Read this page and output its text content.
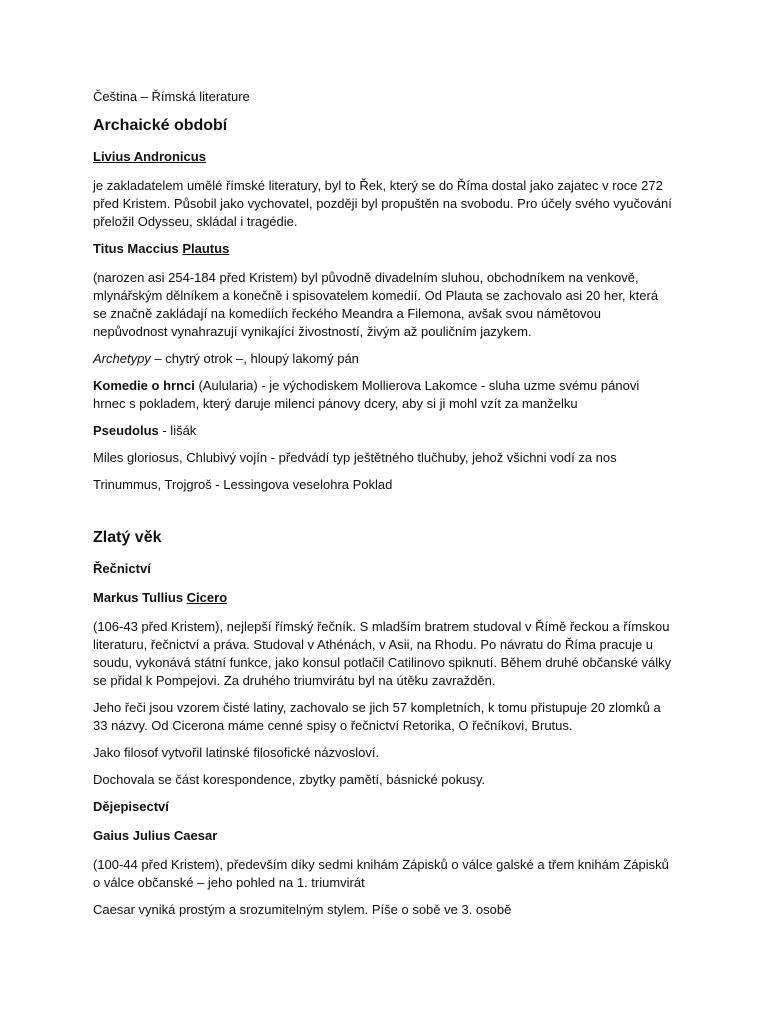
Čeština – Římská literature
Archaické období
Livius Andronicus

je zakladatelem umělé římské literatury, byl to Řek, který se do Říma dostal jako zajatec v roce 272 před Kristem. Působil jako vychovatel, později byl propuštěn na svobodu. Pro účely svého vyučování přeložil Odysseu, skládal i tragédie.

Titus Maccius Plautus

(narozen asi 254-184 před Kristem) byl původně divadelním sluhou, obchodníkem na venkově, mlynářským dělníkem a konečně i spisovatelem komedií. Od Plauta se zachovalo asi 20 her, která se značně zakládají na komediích řeckého Meandra a Filemona, avšak svou námětovou nepůvodnost vynahrazují vynikající živostností, živým až pouličním jazykem.

Archetypy – chytrý otrok –, hloupý lakomý pán

Komedie o hrnci (Aulularia) - je východiskem Mollierova Lakomce - sluha uzme svému pánovi hrnec s pokladem, který daruje milenci pánovy dcery, aby si ji mohl vzít za manželku

Pseudolus - lišák

Miles gloriosus, Chlubivý vojín - předvádí typ ještětného tlučhuby, jehož všichni vodí za nos

Trinummus, Trojgroš - Lessingova veselohra Poklad

Zlatý věk
Řečnictví
Markus Tullius Cicero

(106-43 před Kristem), nejlepší římský řečník. S mladším bratrem studoval v Římě řeckou a římskou literaturu, řečnictví a práva. Studoval v Athénách, v Asii, na Rhodu. Po návratu do Říma pracuje u soudu, vykonává státní funkce, jako konsul potlačil Catilinovo spiknutí. Během druhé občanské války se přidal k Pompejovi. Za druhého triumvirátu byl na útěku zavražděn.

Jeho řeči jsou vzorem čisté latiny, zachovalo se jich 57 kompletních, k tomu přistupuje 20 zlomků a 33 názvy. Od Cicerona máme cenné spisy o řečnictví Retorika, O řečníkovi, Brutus.

Jako filosof vytvořil latinské filosofické názvosloví.

Dochovala se část korespondence, zbytky pamětí, básnické pokusy.

Dějepisectví
Gaius Julius Caesar

(100-44 před Kristem), především díky sedmi knihám Zápisků o válce galské a třem knihám Zápisků o válce občanské – jeho pohled na 1. triumvirát

Caesar vyniká prostým a srozumitelným stylem. Píše o sobě ve 3. osobě
